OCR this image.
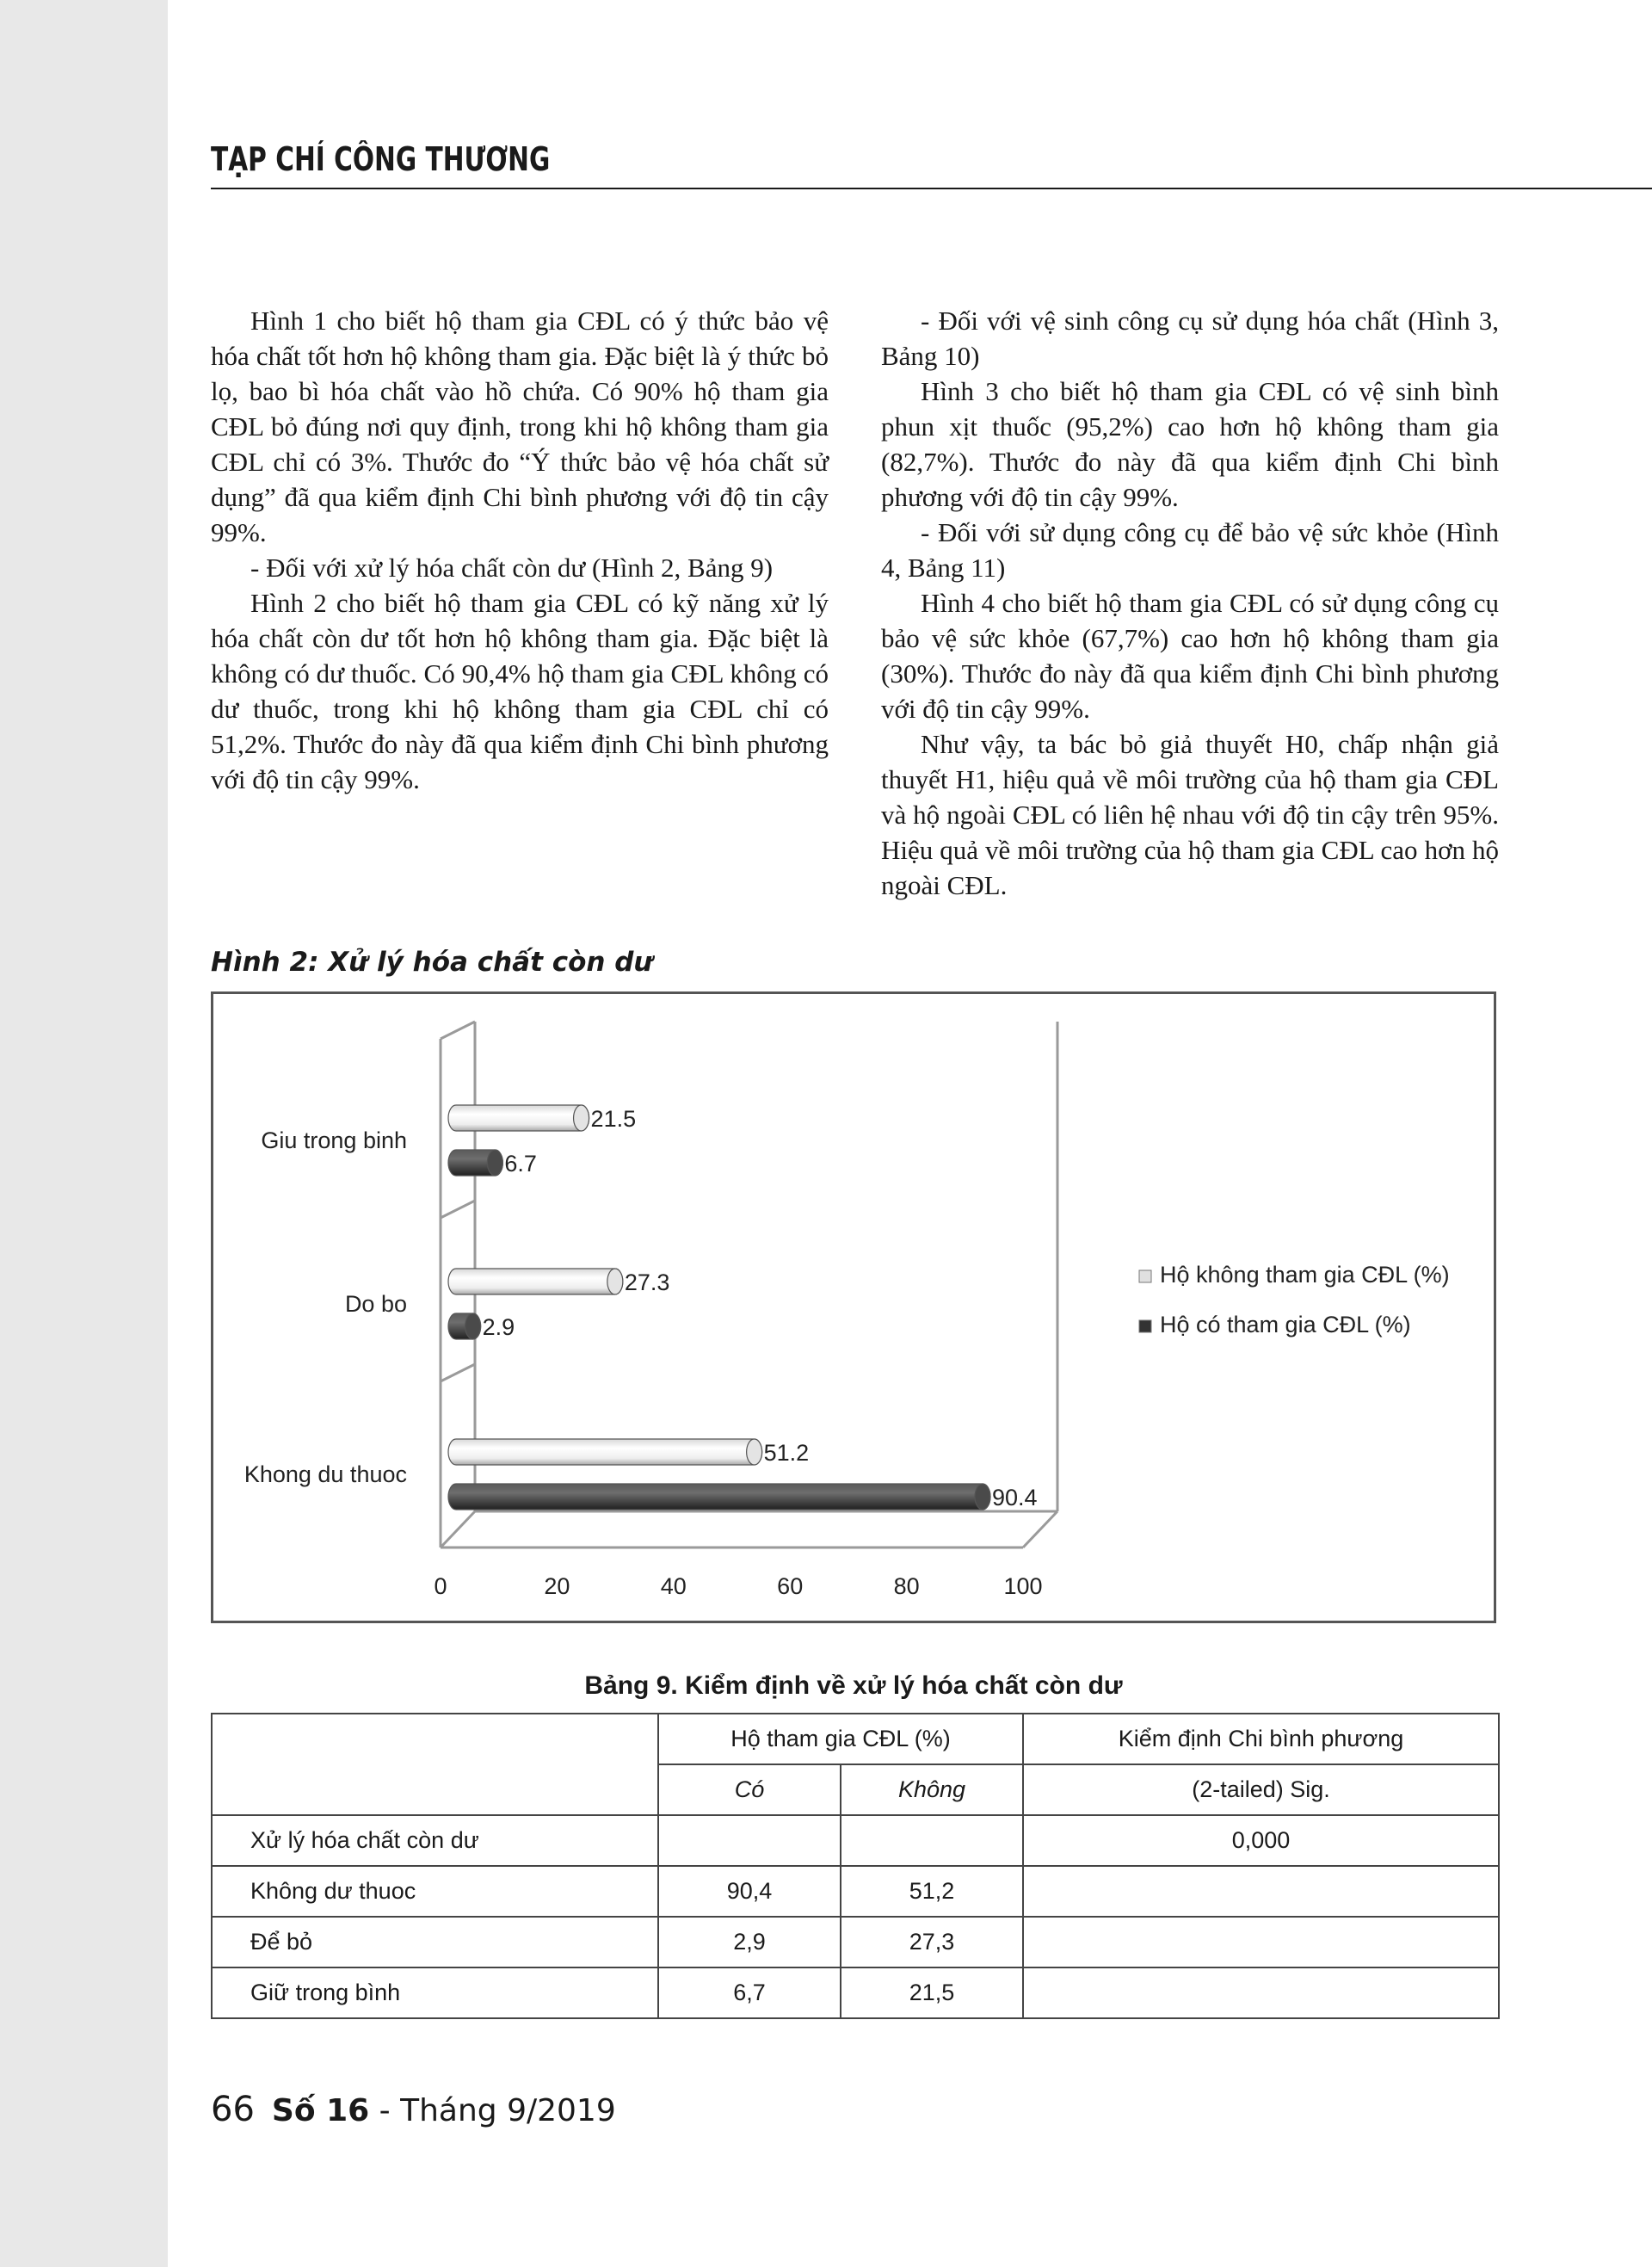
TẠP CHÍ CÔNG THƯƠNG

Hình 1 cho biết hộ tham gia CĐL có ý thức bảo vệ hóa chất tốt hơn hộ không tham gia. Đặc biệt là ý thức bỏ lọ, bao bì hóa chất vào hồ chứa. Có 90% hộ tham gia CĐL bỏ đúng nơi quy định, trong khi hộ không tham gia CĐL chỉ có 3%. Thước đo “Ý thức bảo vệ hóa chất sử dụng” đã qua kiểm định Chi bình phương với độ tin cậy 99%.

- Đối với xử lý hóa chất còn dư (Hình 2, Bảng 9)

Hình 2 cho biết hộ tham gia CĐL có kỹ năng xử lý hóa chất còn dư tốt hơn hộ không tham gia. Đặc biệt là không có dư thuốc. Có 90,4% hộ tham gia CĐL không có dư thuốc, trong khi hộ không tham gia CĐL chỉ có 51,2%. Thước đo này đã qua kiểm định Chi bình phương với độ tin cậy 99%.

- Đối với vệ sinh công cụ sử dụng hóa chất (Hình 3, Bảng 10)

Hình 3 cho biết hộ tham gia CĐL có vệ sinh bình phun xịt thuốc (95,2%) cao hơn hộ không tham gia (82,7%). Thước đo này đã qua kiểm định Chi bình phương với độ tin cậy 99%.

- Đối với sử dụng công cụ để bảo vệ sức khỏe (Hình 4, Bảng 11)

Hình 4 cho biết hộ tham gia CĐL có sử dụng công cụ bảo vệ sức khỏe (67,7%) cao hơn hộ không tham gia (30%). Thước đo này đã qua kiểm định Chi bình phương với độ tin cậy 99%.

Như vậy, ta bác bỏ giả thuyết H0, chấp nhận giả thuyết H1, hiệu quả về môi trường của hộ tham gia CĐL và hộ ngoài CĐL có liên hệ nhau với độ tin cậy trên 95%. Hiệu quả về môi trường của hộ tham gia CĐL cao hơn hộ ngoài CĐL.

Hình 2: Xử lý hóa chất còn dư
0	20	40	60	80	100
Giu trong binh
21.5
6.7
Do bo
27.3
2.9
Khong du thuoc
51.2
90.4
Hộ không tham gia CĐL (%)
Hộ có tham gia CĐL (%)
Bảng 9. Kiểm định về xử lý hóa chất còn dư
	Hộ tham gia CĐL (%)		Kiểm định Chi bình phương
	Có	Không	(2-tailed) Sig.
Xử lý hóa chất còn dư			0,000
Không dư thuoc	90,4	51,2	
Để bỏ	2,9	27,3	
Giữ trong bình	6,7	21,5	
66 Số 16 - Tháng 9/2019
